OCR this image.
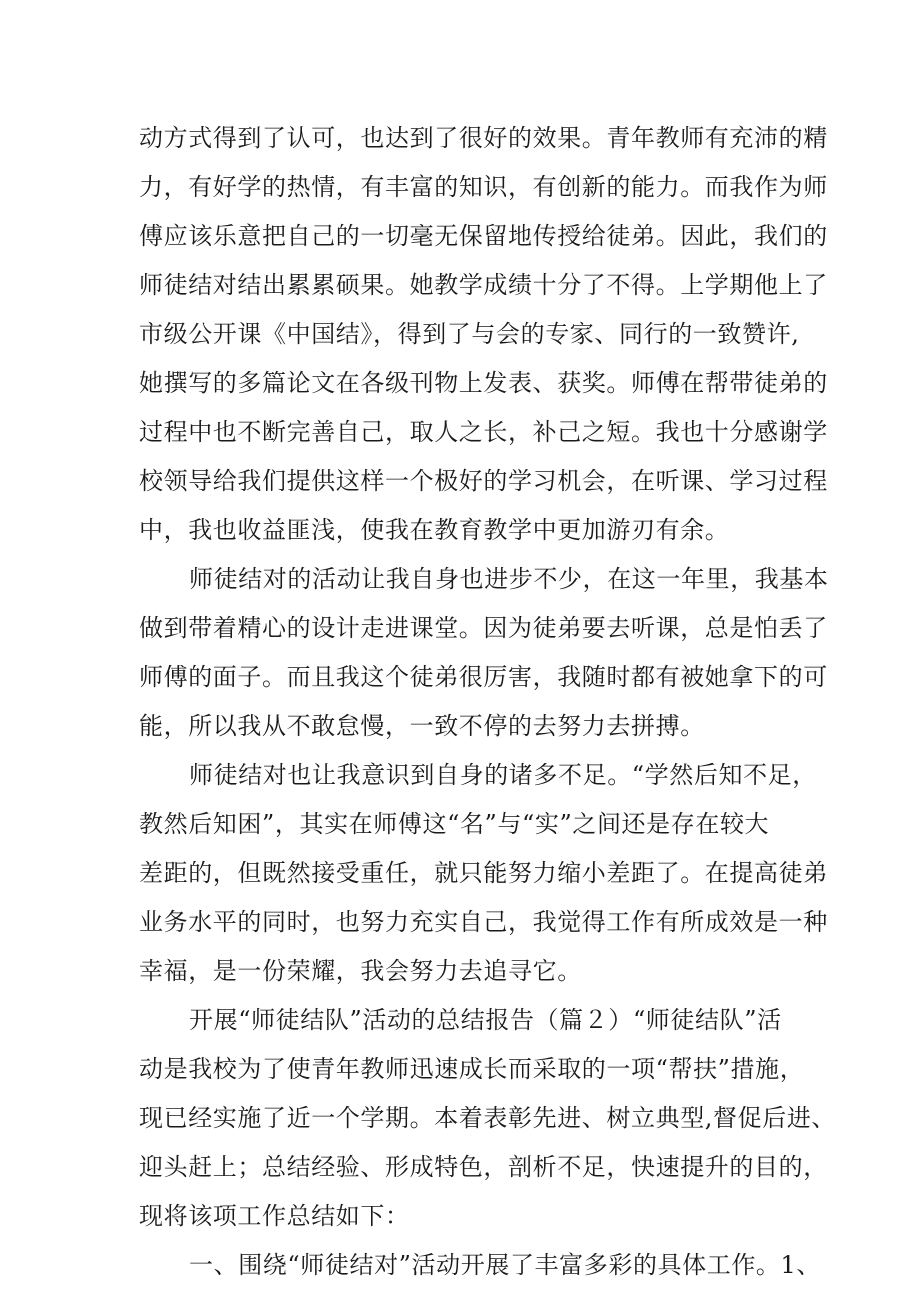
动方式得到了认可，也达到了很好的效果。青年教师有充沛的精
力，有好学的热情，有丰富的知识，有创新的能力。而我作为师
傅应该乐意把自己的一切毫无保留地传授给徒弟。因此，我们的
师徒结对结出累累硕果。她教学成绩十分了不得。上学期他上了
市级公开课《中国结》，得到了与会的专家、同行的一致赞许,
她撰写的多篇论文在各级刊物上发表、获奖。师傅在帮带徒弟的
过程中也不断完善自己，取人之长，补己之短。我也十分感谢学
校领导给我们提供这样一个极好的学习机会，在听课、学习过程
中，我也收益匪浅，使我在教育教学中更加游刃有余。
师徒结对的活动让我自身也进步不少，在这一年里，我基本
做到带着精心的设计走进课堂。因为徒弟要去听课，总是怕丢了
师傅的面子。而且我这个徒弟很厉害，我随时都有被她拿下的可
能，所以我从不敢怠慢，一致不停的去努力去拼搏。
师徒结对也让我意识到自身的诸多不足。“学然后知不足，
教然后知困”，其实在师傅这“名”与“实”之间还是存在较大
差距的，但既然接受重任，就只能努力缩小差距了。在提高徒弟
业务水平的同时，也努力充实自己，我觉得工作有所成效是一种
幸福，是一份荣耀，我会努力去追寻它。
开展“师徒结队”活动的总结报告（篇２）“师徒结队”活
动是我校为了使青年教师迅速成长而采取的一项“帮扶”措施，
现已经实施了近一个学期。本着表彰先进、树立典型,督促后进、
迎头赶上；总结经验、形成特色，剖析不足，快速提升的目的，
现将该项工作总结如下：
一、围绕“师徒结对”活动开展了丰富多彩的具体工作。1、
